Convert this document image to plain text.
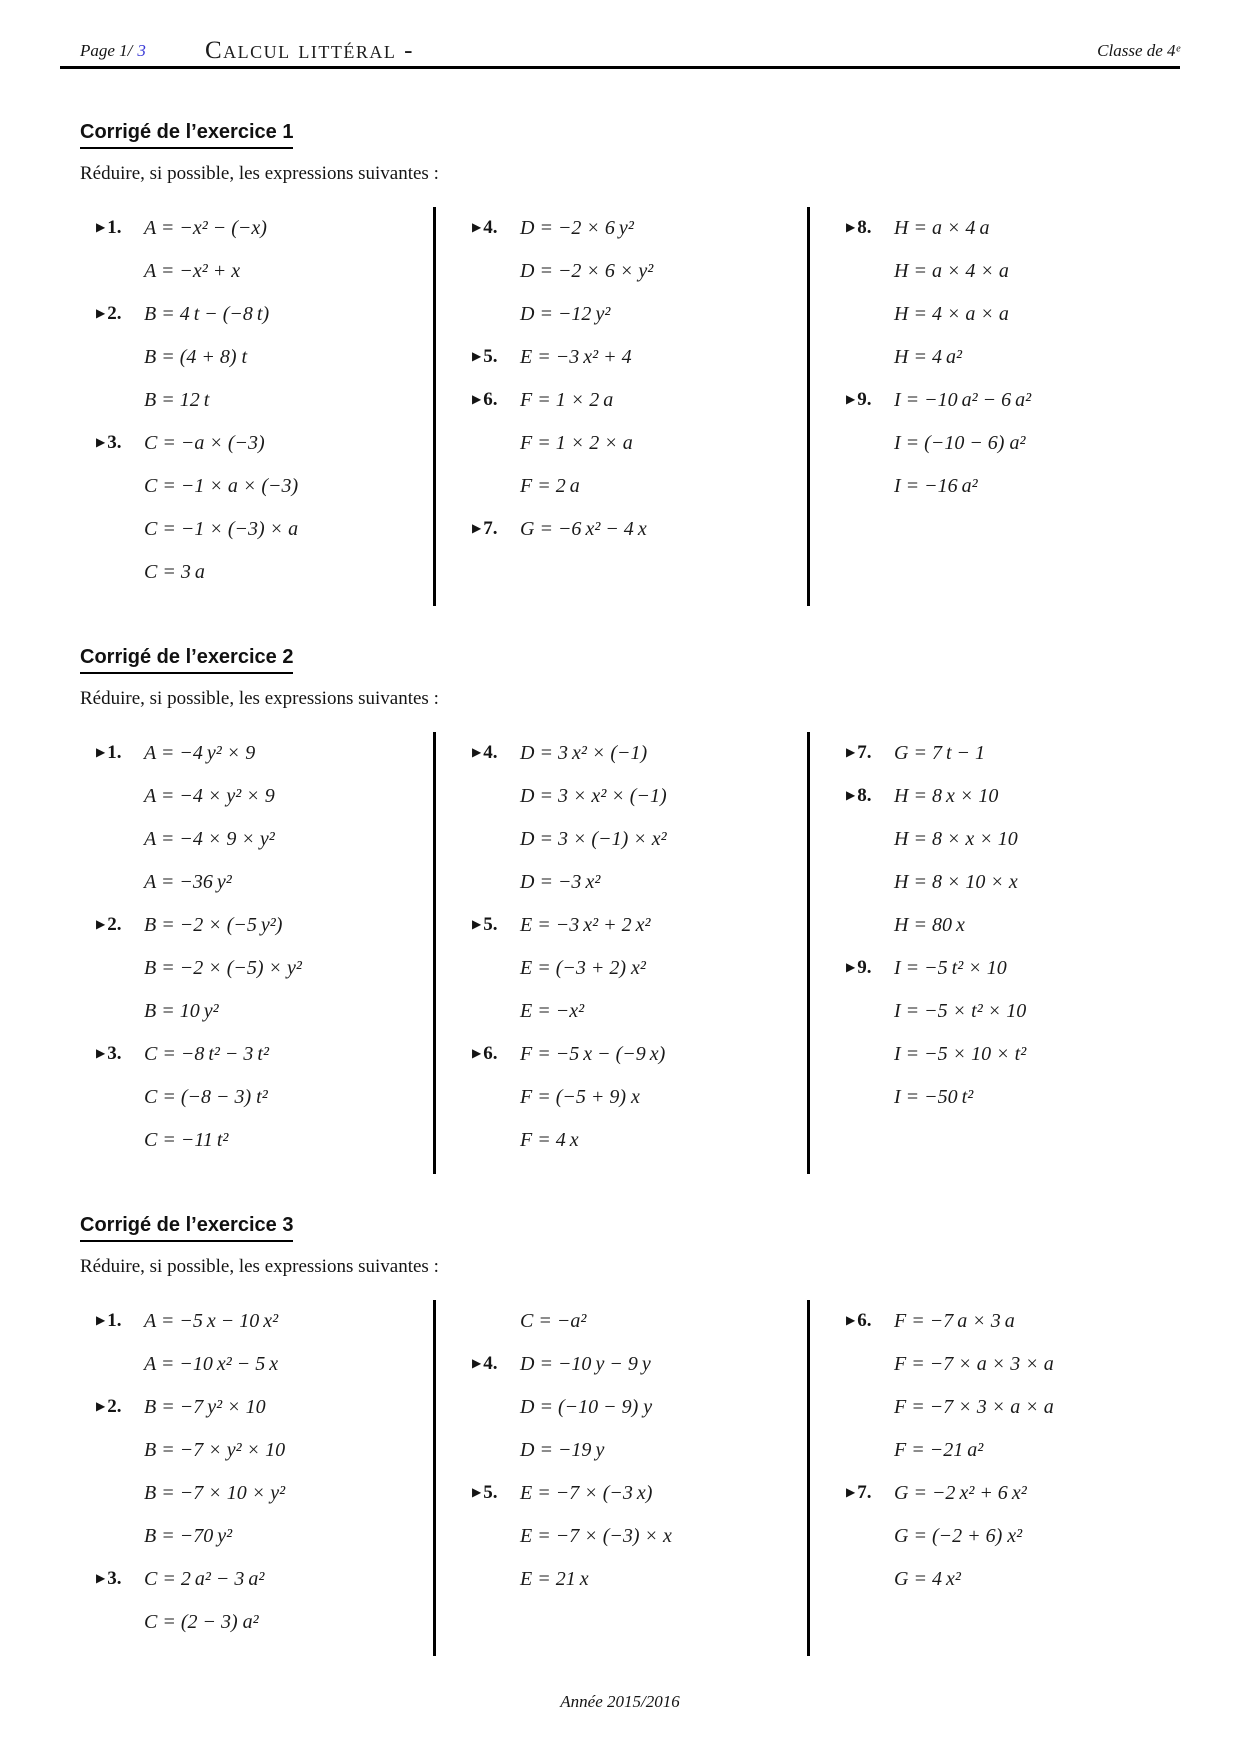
Page 1/ 3 Calcul littéral -	Classe de 4ᵉ
Corrigé de l’exercice 1

Réduire, si possible, les expressions suivantes :

▶ 1.	A = −x² − (−x)
A = −x² + x
▶ 2.	B = 4 t − (−8 t)
B = (4 + 8) t
B = 12 t
▶ 3.	C = −a × (−3)
C = −1 × a × (−3)
C = −1 × (−3) × a
C = 3 a
▶ 4.	D = −2 × 6 y²
D = −2 × 6 × y²
D = −12 y²
▶ 5.	E = −3 x² + 4
▶ 6.	F = 1 × 2 a
F = 1 × 2 × a
F = 2 a
▶ 7.	G = −6 x² − 4 x
▶ 8.	H = a × 4 a
H = a × 4 × a
H = 4 × a × a
H = 4 a²
▶ 9.	I = −10 a² − 6 a²
I = (−10 − 6) a²
I = −16 a²
Corrigé de l’exercice 2

Réduire, si possible, les expressions suivantes :

▶ 1.	A = −4 y² × 9
A = −4 × y² × 9
A = −4 × 9 × y²
A = −36 y²
▶ 2.	B = −2 × (−5 y²)
B = −2 × (−5) × y²
B = 10 y²
▶ 3.	C = −8 t² − 3 t²
C = (−8 − 3) t²
C = −11 t²
▶ 4.	D = 3 x² × (−1)
D = 3 × x² × (−1)
D = 3 × (−1) × x²
D = −3 x²
▶ 5.	E = −3 x² + 2 x²
E = (−3 + 2) x²
E = −x²
▶ 6.	F = −5 x − (−9 x)
F = (−5 + 9) x
F = 4 x
▶ 7.	G = 7 t − 1
▶ 8.	H = 8 x × 10
H = 8 × x × 10
H = 8 × 10 × x
H = 80 x
▶ 9.	I = −5 t² × 10
I = −5 × t² × 10
I = −5 × 10 × t²
I = −50 t²
Corrigé de l’exercice 3

Réduire, si possible, les expressions suivantes :

▶ 1.	A = −5 x − 10 x²
A = −10 x² − 5 x
▶ 2.	B = −7 y² × 10
B = −7 × y² × 10
B = −7 × 10 × y²
B = −70 y²
▶ 3.	C = 2 a² − 3 a²
C = (2 − 3) a²
C = −a²
▶ 4.	D = −10 y − 9 y
D = (−10 − 9) y
D = −19 y
▶ 5.	E = −7 × (−3 x)
E = −7 × (−3) × x
E = 21 x
▶ 6.	F = −7 a × 3 a
F = −7 × a × 3 × a
F = −7 × 3 × a × a
F = −21 a²
▶ 7.	G = −2 x² + 6 x²
G = (−2 + 6) x²
G = 4 x²
Année 2015/2016
